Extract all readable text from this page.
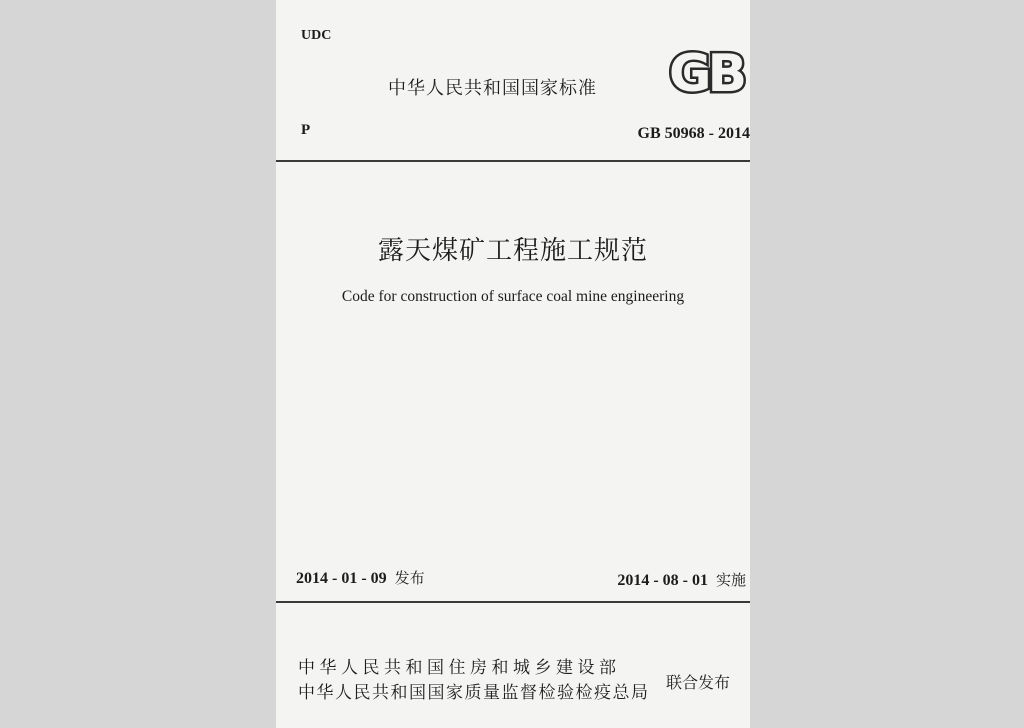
UDC
中华人民共和国国家标准 GB
P	GB 50968 - 2014
露天煤矿工程施工规范
Code for construction of surface coal mine engineering
2014 - 01 - 09 发布	2014 - 08 - 01 实施
中华人民共和国住房和城乡建设部
中华人民共和国国家质量监督检验检疫总局
联合发布
